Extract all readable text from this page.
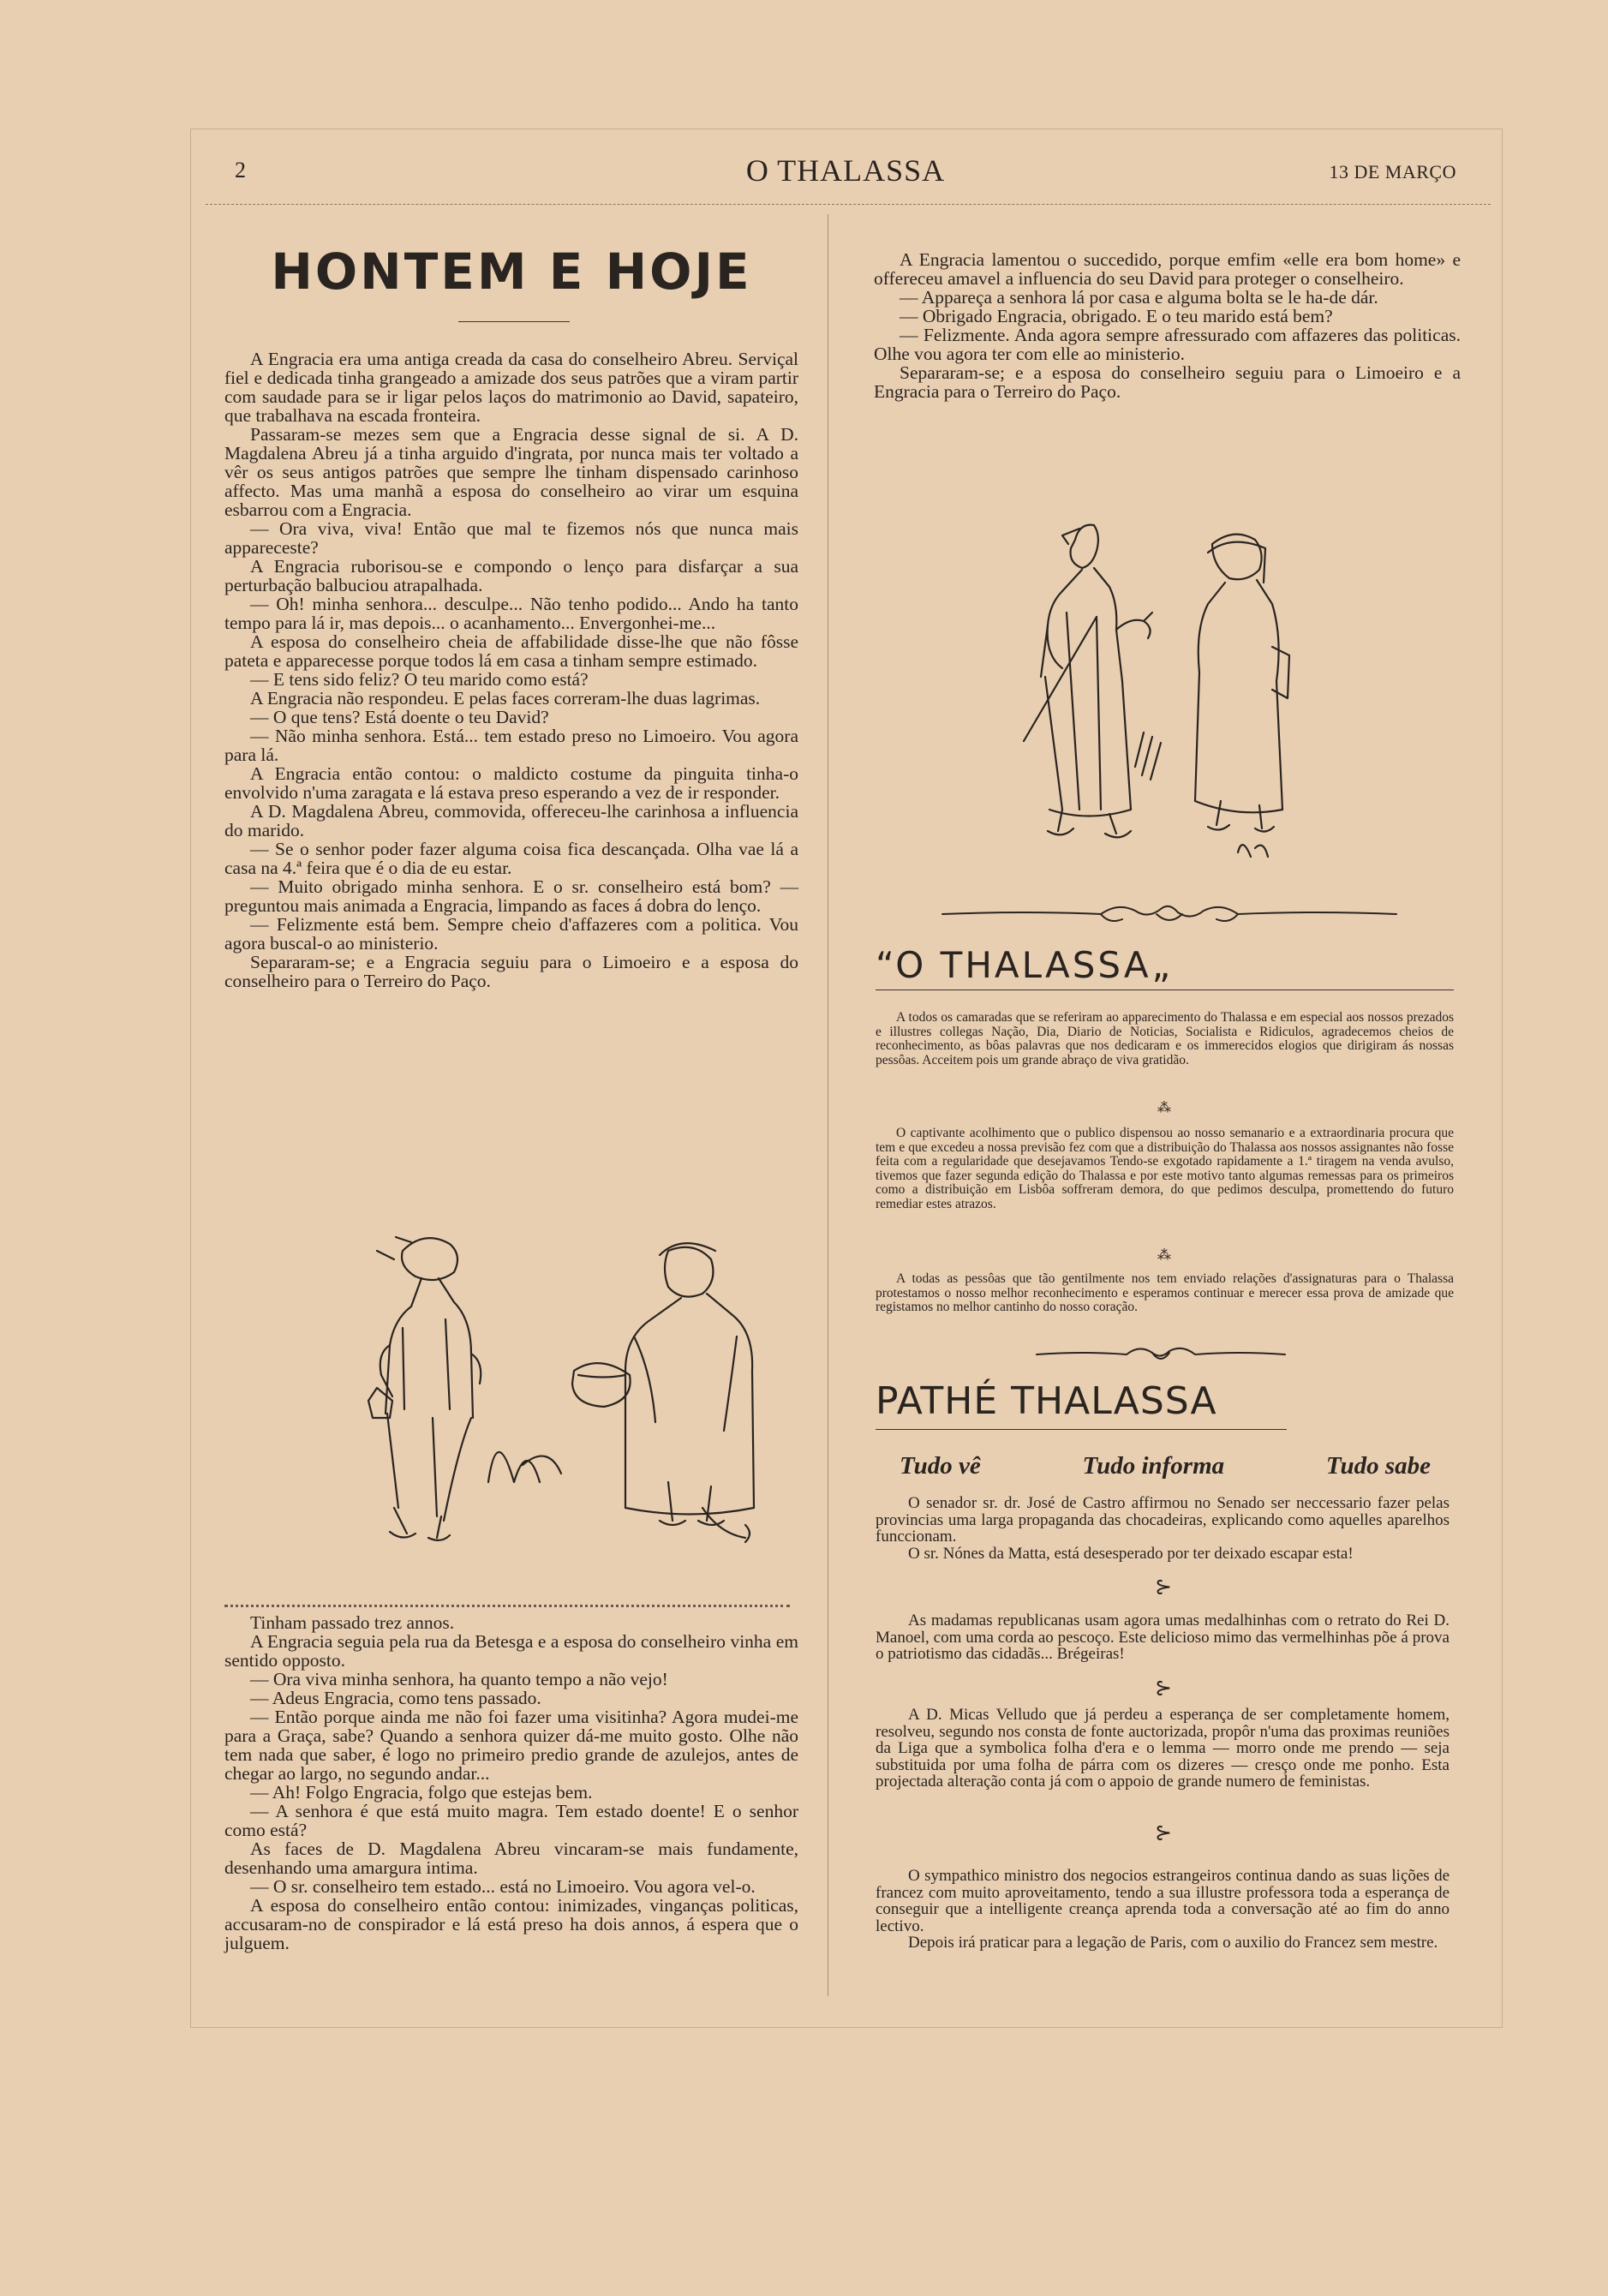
2	O THALASSA	13 DE MARÇO
HONTEM E HOJE

A Engracia era uma antiga creada da casa do conselheiro Abreu. Serviçal fiel e dedicada tinha grangeado a amizade dos seus patrões que a viram partir com saudade para se ir ligar pelos laços do matrimonio ao David, sapateiro, que trabalhava na escada fronteira.

Passaram-se mezes sem que a Engracia desse signal de si. A D. Magdalena Abreu já a tinha arguido d'ingrata, por nunca mais ter voltado a vêr os seus antigos patrões que sempre lhe tinham dispensado carinhoso affecto. Mas uma manhã a esposa do conselheiro ao virar um esquina esbarrou com a Engracia.

— Ora viva, viva! Então que mal te fizemos nós que nunca mais appareceste?

A Engracia ruborisou-se e compondo o lenço para disfarçar a sua perturbação balbuciou atrapalhada.

— Oh! minha senhora... desculpe... Não tenho podido... Ando ha tanto tempo para lá ir, mas depois... o acanhamento... Envergonhei-me...

A esposa do conselheiro cheia de affabilidade disse-lhe que não fôsse pateta e apparecesse porque todos lá em casa a tinham sempre estimado.

— E tens sido feliz? O teu marido como está?

A Engracia não respondeu. E pelas faces correram-lhe duas lagrimas.

— O que tens? Está doente o teu David?

— Não minha senhora. Está... tem estado preso no Limoeiro. Vou agora para lá.

A Engracia então contou: o maldicto costume da pinguita tinha-o envolvido n'uma zaragata e lá estava preso esperando a vez de ir responder.

A D. Magdalena Abreu, commovida, offereceu-lhe carinhosa a influencia do marido.

— Se o senhor poder fazer alguma coisa fica descançada. Olha vae lá a casa na 4.ª feira que é o dia de eu estar.

— Muito obrigado minha senhora. E o sr. conselheiro está bom? — preguntou mais animada a Engracia, limpando as faces á dobra do lenço.

— Felizmente está bem. Sempre cheio d'affazeres com a politica. Vou agora buscal-o ao ministerio.

Separaram-se; e a Engracia seguiu para o Limoeiro e a esposa do conselheiro para o Terreiro do Paço.

Tinham passado trez annos.

A Engracia seguia pela rua da Betesga e a esposa do conselheiro vinha em sentido opposto.

— Ora viva minha senhora, ha quanto tempo a não vejo!

— Adeus Engracia, como tens passado.

— Então porque ainda me não foi fazer uma visitinha? Agora mudei-me para a Graça, sabe? Quando a senhora quizer dá-me muito gosto. Olhe não tem nada que saber, é logo no primeiro predio grande de azulejos, antes de chegar ao largo, no segundo andar...

— Ah! Folgo Engracia, folgo que estejas bem.

— A senhora é que está muito magra. Tem estado doente! E o senhor como está?

As faces de D. Magdalena Abreu vincaram-se mais fundamente, desenhando uma amargura intima.

— O sr. conselheiro tem estado... está no Limoeiro. Vou agora vel-o.

A esposa do conselheiro então contou: inimizades, vinganças politicas, accusaram-no de conspirador e lá está preso ha dois annos, á espera que o julguem.

A Engracia lamentou o succedido, porque emfim «elle era bom home» e offereceu amavel a influencia do seu David para proteger o conselheiro.

— Appareça a senhora lá por casa e alguma bolta se le ha-de dár.

— Obrigado Engracia, obrigado. E o teu marido está bem?

— Felizmente. Anda agora sempre afressurado com affazeres das politicas. Olhe vou agora ter com elle ao ministerio.

Separaram-se; e a esposa do conselheiro seguiu para o Limoeiro e a Engracia para o Terreiro do Paço.

“O THALASSA„

A todos os camaradas que se referiram ao apparecimento do Thalassa e em especial aos nossos prezados e illustres collegas Nação, Dia, Diario de Noticias, Socialista e Ridiculos, agradecemos cheios de reconhecimento, as bôas palavras que nos dedicaram e os immerecidos elogios que dirigiram ás nossas pessôas. Acceitem pois um grande abraço de viva gratidão.

⁂

O captivante acolhimento que o publico dispensou ao nosso semanario e a extraordinaria procura que tem e que excedeu a nossa previsão fez com que a distribuição do Thalassa aos nossos assignantes não fosse feita com a regularidade que desejavamos Tendo-se exgotado rapidamente a 1.ª tiragem na venda avulso, tivemos que fazer segunda edição do Thalassa e por este motivo tanto algumas remessas para os primeiros como a distribuição em Lisbôa soffreram demora, do que pedimos desculpa, promettendo do futuro remediar estes atrazos.

⁂

A todas as pessôas que tão gentilmente nos tem enviado relações d'assignaturas para o Thalassa protestamos o nosso melhor reconhecimento e esperamos continuar e merecer essa prova de amizade que registamos no melhor cantinho do nosso coração.

PATHÉ THALASSA
Tudo vê	Tudo informa	Tudo sabe

O senador sr. dr. José de Castro affirmou no Senado ser neccessario fazer pelas provincias uma larga propaganda das chocadeiras, explicando como aquelles aparelhos funccionam.

O sr. Nónes da Matta, está desesperado por ter deixado escapar esta!

⊱

As madamas republicanas usam agora umas medalhinhas com o retrato do Rei D. Manoel, com uma corda ao pescoço. Este delicioso mimo das vermelhinhas põe á prova o patriotismo das cidadãs... Brégeiras!

⊱

A D. Micas Velludo que já perdeu a esperança de ser completamente homem, resolveu, segundo nos consta de fonte auctorizada, propôr n'uma das proximas reuniões da Liga que a symbolica folha d'era e o lemma — morro onde me prendo — seja substituida por uma folha de párra com os dizeres — cresço onde me ponho. Esta projectada alteração conta já com o appoio de grande numero de feministas.

⊱

O sympathico ministro dos negocios estrangeiros continua dando as suas lições de francez com muito aproveitamento, tendo a sua illustre professora toda a esperança de conseguir que a intelligente creança aprenda toda a conversação até ao fim do anno lectivo.

Depois irá praticar para a legação de Paris, com o auxilio do Francez sem mestre.
